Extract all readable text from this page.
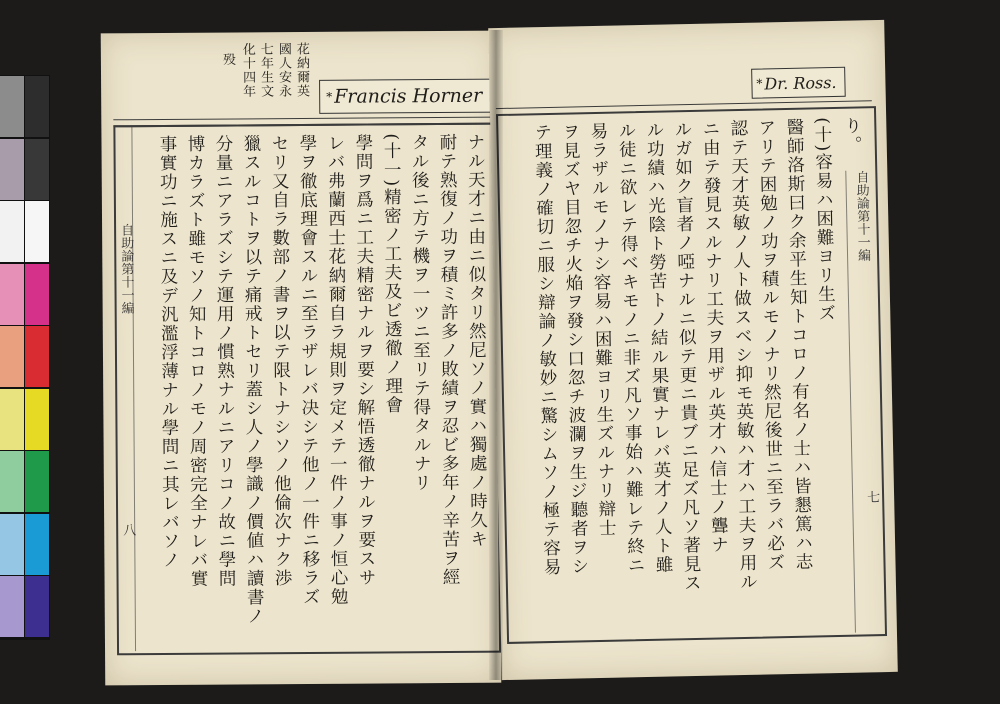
花納爾英
國人安永
七年生文
化十四年
殁
* Francis Horner
ナル天才ニ由ニ似タリ然尼ソノ實ハ獨處ノ時久キ
耐テ熟復ノ功ヲ積ミ許多ノ敗績ヲ忍ビ多年ノ辛苦ヲ經
タル後ニ方テ機ヲ一ツニ至リテ得タルナリ
(十一)精密ノ工夫及ビ透徹ノ理會
學問ヲ爲ニ工夫精密ナルヲ要シ解悟透徹ナルヲ要スサ
レバ弗蘭西士花納爾自ラ規則ヲ定メテ一件ノ事ノ恒心勉
學ヲ徹底理會スルニ至ラザレバ决シテ他ノ一件ニ移ラズ
セリ又自ラ數部ノ書ヲ以テ限トナシソノ他倫次ナク渉
獵スルコトヲ以テ痛戒トセリ蓋シ人ノ學識ノ價値ハ讀書ノ
分量ニアラズシテ運用ノ慣熟ナルニアリコノ故ニ學問
博カラズト雖モソノ知トコロノモノ周密完全ナレバ實
事實功ニ施スニ及デ汎濫浮薄ナル學問ニ其レバソノ
自助論第十一編
八
* Dr. Ross.
り。
(十)容易ハ困難ヨリ生ズ
醫師洛斯曰ク余平生知トコロノ有名ノ士ハ皆懇篤ハ志
アリテ困勉ノ功ヲ積ルモノナリ然尼後世ニ至ラバ必ズ
認テ天才英敏ノ人ト做スベシ抑モ英敏ハ才ハ工夫ヲ用ル
ニ由テ發見スルナリ工夫ヲ用ザル英才ハ信士ノ聾ナ
ルガ如ク盲者ノ啞ナルニ似テ更ニ貴ブニ足ズ凡ソ著見ス
ル功績ハ光陰ト勞苦トノ結ル果實ナレバ英才ノ人ト雖
ル徒ニ欲レテ得ベキモノニ非ズ凡ソ事始ハ難レテ終ニ
易ラザルモノナシ容易ハ困難ヨリ生ズルナリ辯士
ヲ見ズヤ目忽チ火焔ヲ發シ口忽チ波瀾ヲ生ジ聽者ヲシ
テ理義ノ確切ニ服シ辯論ノ敏妙ニ驚シムソノ極テ容易	自助論第十一編
七
